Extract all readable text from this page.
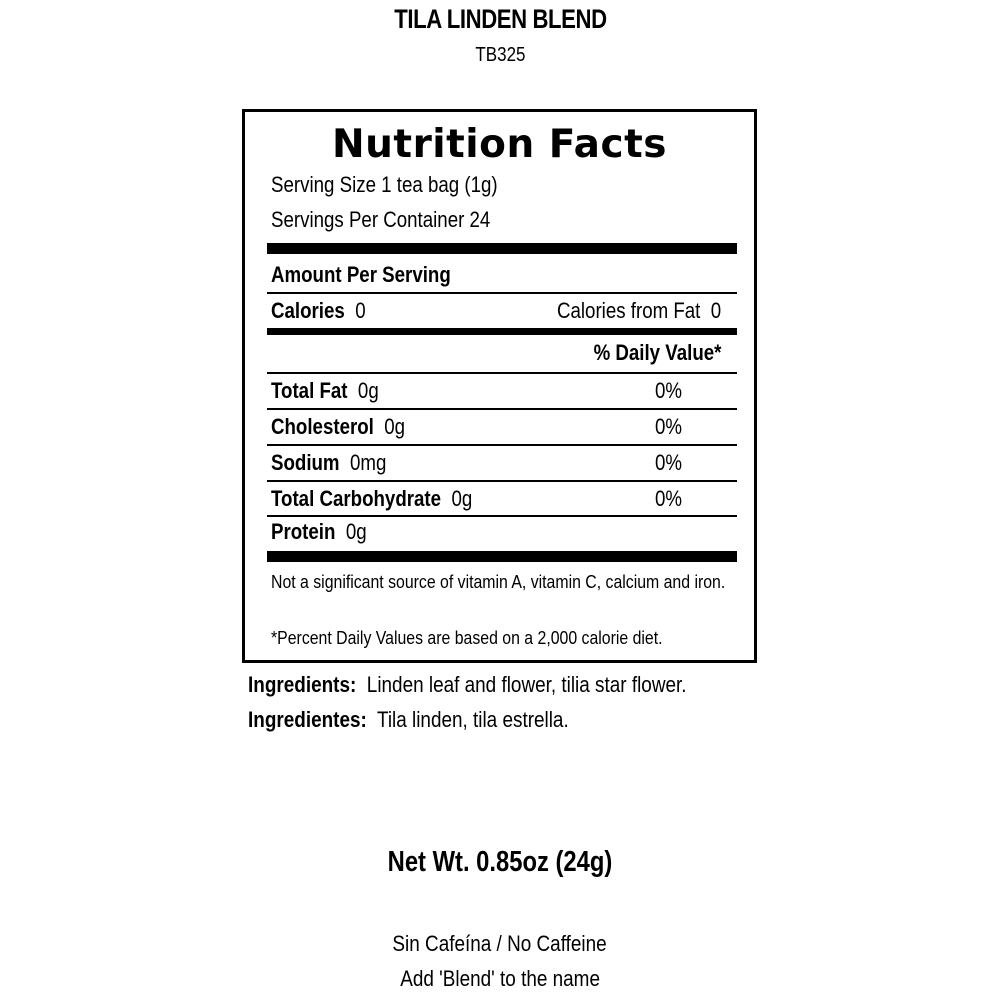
TILA LINDEN BLEND
TB325
Nutrition Facts
Serving Size 1 tea bag (1g)
Servings Per Container 24
Amount Per Serving
Calories 0	Calories from Fat 0
% Daily Value*
Total Fat 0g	0%
Cholesterol 0g	0%
Sodium 0mg	0%
Total Carbohydrate 0g	0%
Protein 0g
Not a significant source of vitamin A, vitamin C, calcium and iron.
*Percent Daily Values are based on a 2,000 calorie diet.
Ingredients: Linden leaf and flower, tilia star flower.
Ingredientes: Tila linden, tila estrella.
Net Wt. 0.85oz (24g)
Sin Cafeína / No Caffeine
Add 'Blend' to the name
